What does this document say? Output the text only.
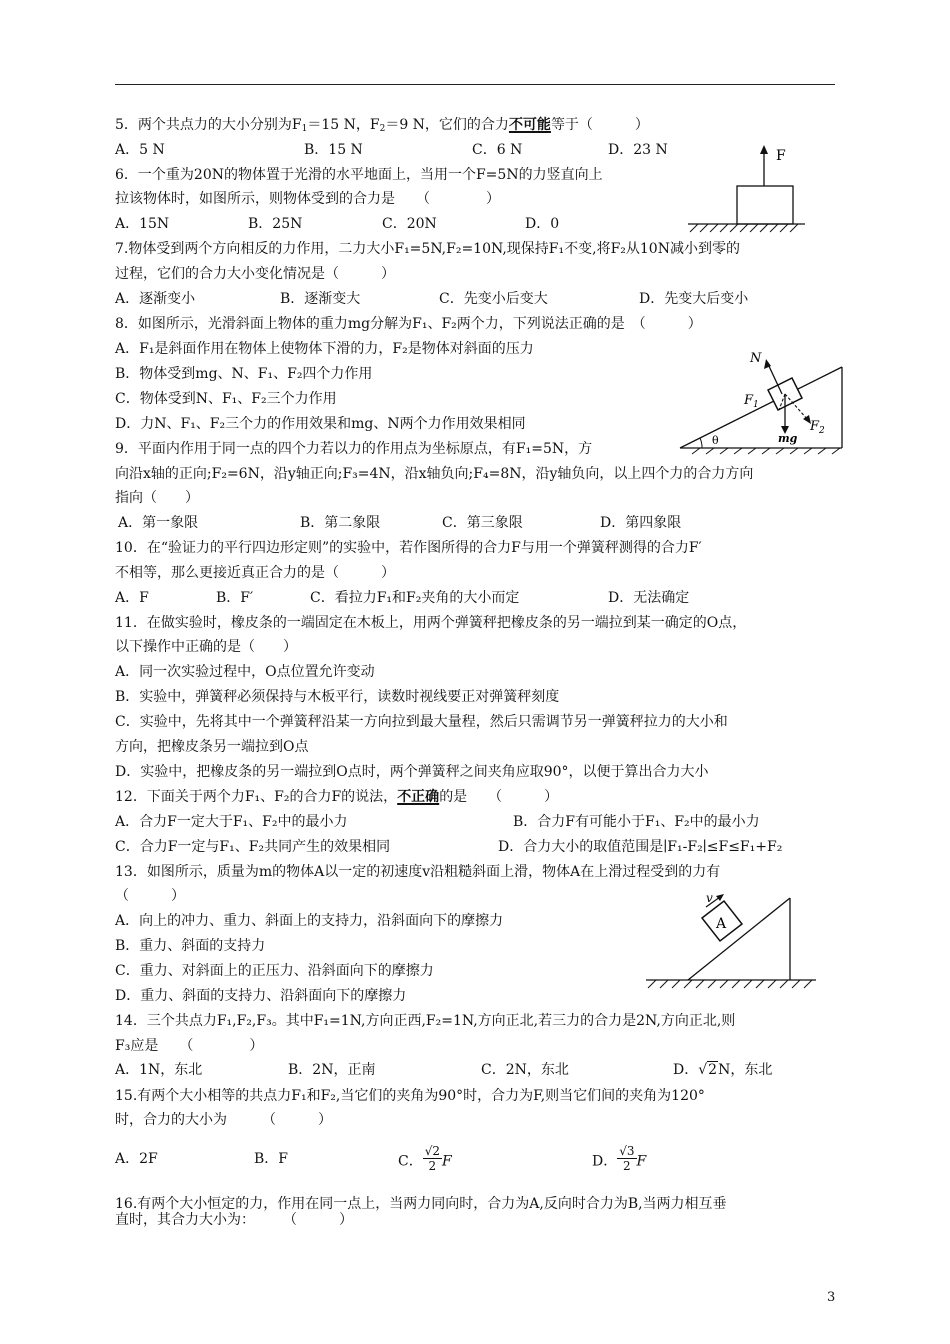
5．两个共点力的大小分别为$F_1=15$ N，$F_2=9$ N，它们的合力不可能等于（　　　）
A．5 N	B．15 N	C．6 N	D．23 N
6．一个重为20N的物体置于光滑的水平地面上，当用一个F=5N的力竖直向上
拉该物体时，如图所示，则物体受到的合力是　　（　　　　）
A．15N	B．25N	C．20N	D．0
F
7.物体受到两个方向相反的力作用，二力大小F₁=5N,F₂=10N,现保持F₁不变,将F₂从10N减小到零的
过程，它们的合力大小变化情况是（　　　）
A．逐渐变小	B．逐渐变大	C．先变小后变大	D．先变大后变小
8．如图所示，光滑斜面上物体的重力mg分解为F₁、F₂两个力，下列说法正确的是　（　　　）
A．F₁是斜面作用在物体上使物体下滑的力，F₂是物体对斜面的压力
B．物体受到mg、N、F₁、F₂四个力作用
C．物体受到N、F₁、F₂三个力作用
D．力N、F₁、F₂三个力的作用效果和mg、N两个力作用效果相同
θ
N
mg
$F_1$
$F_2$
9．平面内作用于同一点的四个力若以力的作用点为坐标原点，有F₁=5N，方
向沿x轴的正向;F₂=6N，沿y轴正向;F₃=4N，沿x轴负向;F₄=8N，沿y轴负向，以上四个力的合力方向
指向（　　）
A．第一象限	B．第二象限	C．第三象限	D．第四象限
10．在“验证力的平行四边形定则”的实验中，若作图所得的合力F与用一个弹簧秤测得的合力F′
不相等，那么更接近真正合力的是（　　　）
A．F	B．F′	C．看拉力F₁和F₂夹角的大小而定	D．无法确定
11．在做实验时，橡皮条的一端固定在木板上，用两个弹簧秤把橡皮条的另一端拉到某一确定的O点，
以下操作中正确的是（　　）
A．同一次实验过程中，O点位置允许变动
B．实验中，弹簧秤必须保持与木板平行，读数时视线要正对弹簧秤刻度
C．实验中，先将其中一个弹簧秤沿某一方向拉到最大量程，然后只需调节另一弹簧秤拉力的大小和
方向，把橡皮条另一端拉到O点
D．实验中，把橡皮条的另一端拉到O点时，两个弹簧秤之间夹角应取90°，以便于算出合力大小
12．下面关于两个力F₁、F₂的合力F的说法，不正确的是　　（　　　）
A．合力F一定大于F₁、F₂中的最小力	B．合力F有可能小于F₁、F₂中的最小力
C．合力F一定与F₁、F₂共同产生的效果相同	D．合力大小的取值范围是∣F₁-F₂∣≤F≤F₁+F₂
13．如图所示，质量为m的物体A以一定的初速度v沿粗糙斜面上滑，物体A在上滑过程受到的力有
（　　　）
A．向上的冲力、重力、斜面上的支持力，沿斜面向下的摩擦力
B．重力、斜面的支持力
C．重力、对斜面上的正压力、沿斜面向下的摩擦力
D．重力、斜面的支持力、沿斜面向下的摩擦力
A
v
14．三个共点力F₁,F₂,F₃。其中F₁=1N,方向正西,F₂=1N,方向正北,若三力的合力是2N,方向正北,则
F₃应是　　（　　　　）
A．1N，东北	B．2N，正南	C．2N，东北	D．√2N，东北
15.有两个大小相等的共点力F₁和F₂,当它们的夹角为90°时，合力为F,则当它们间的夹角为120°
时，合力的大小为　　　（　　　）
A．2F	B．F	C． $\frac{√2}{2}$ F	D． $\frac{√3}{2}$ F
16.有两个大小恒定的力，作用在同一点上，当两力同向时，合力为A,反向时合力为B,当两力相互垂
直时，其合力大小为：　　　（　　　）
3
